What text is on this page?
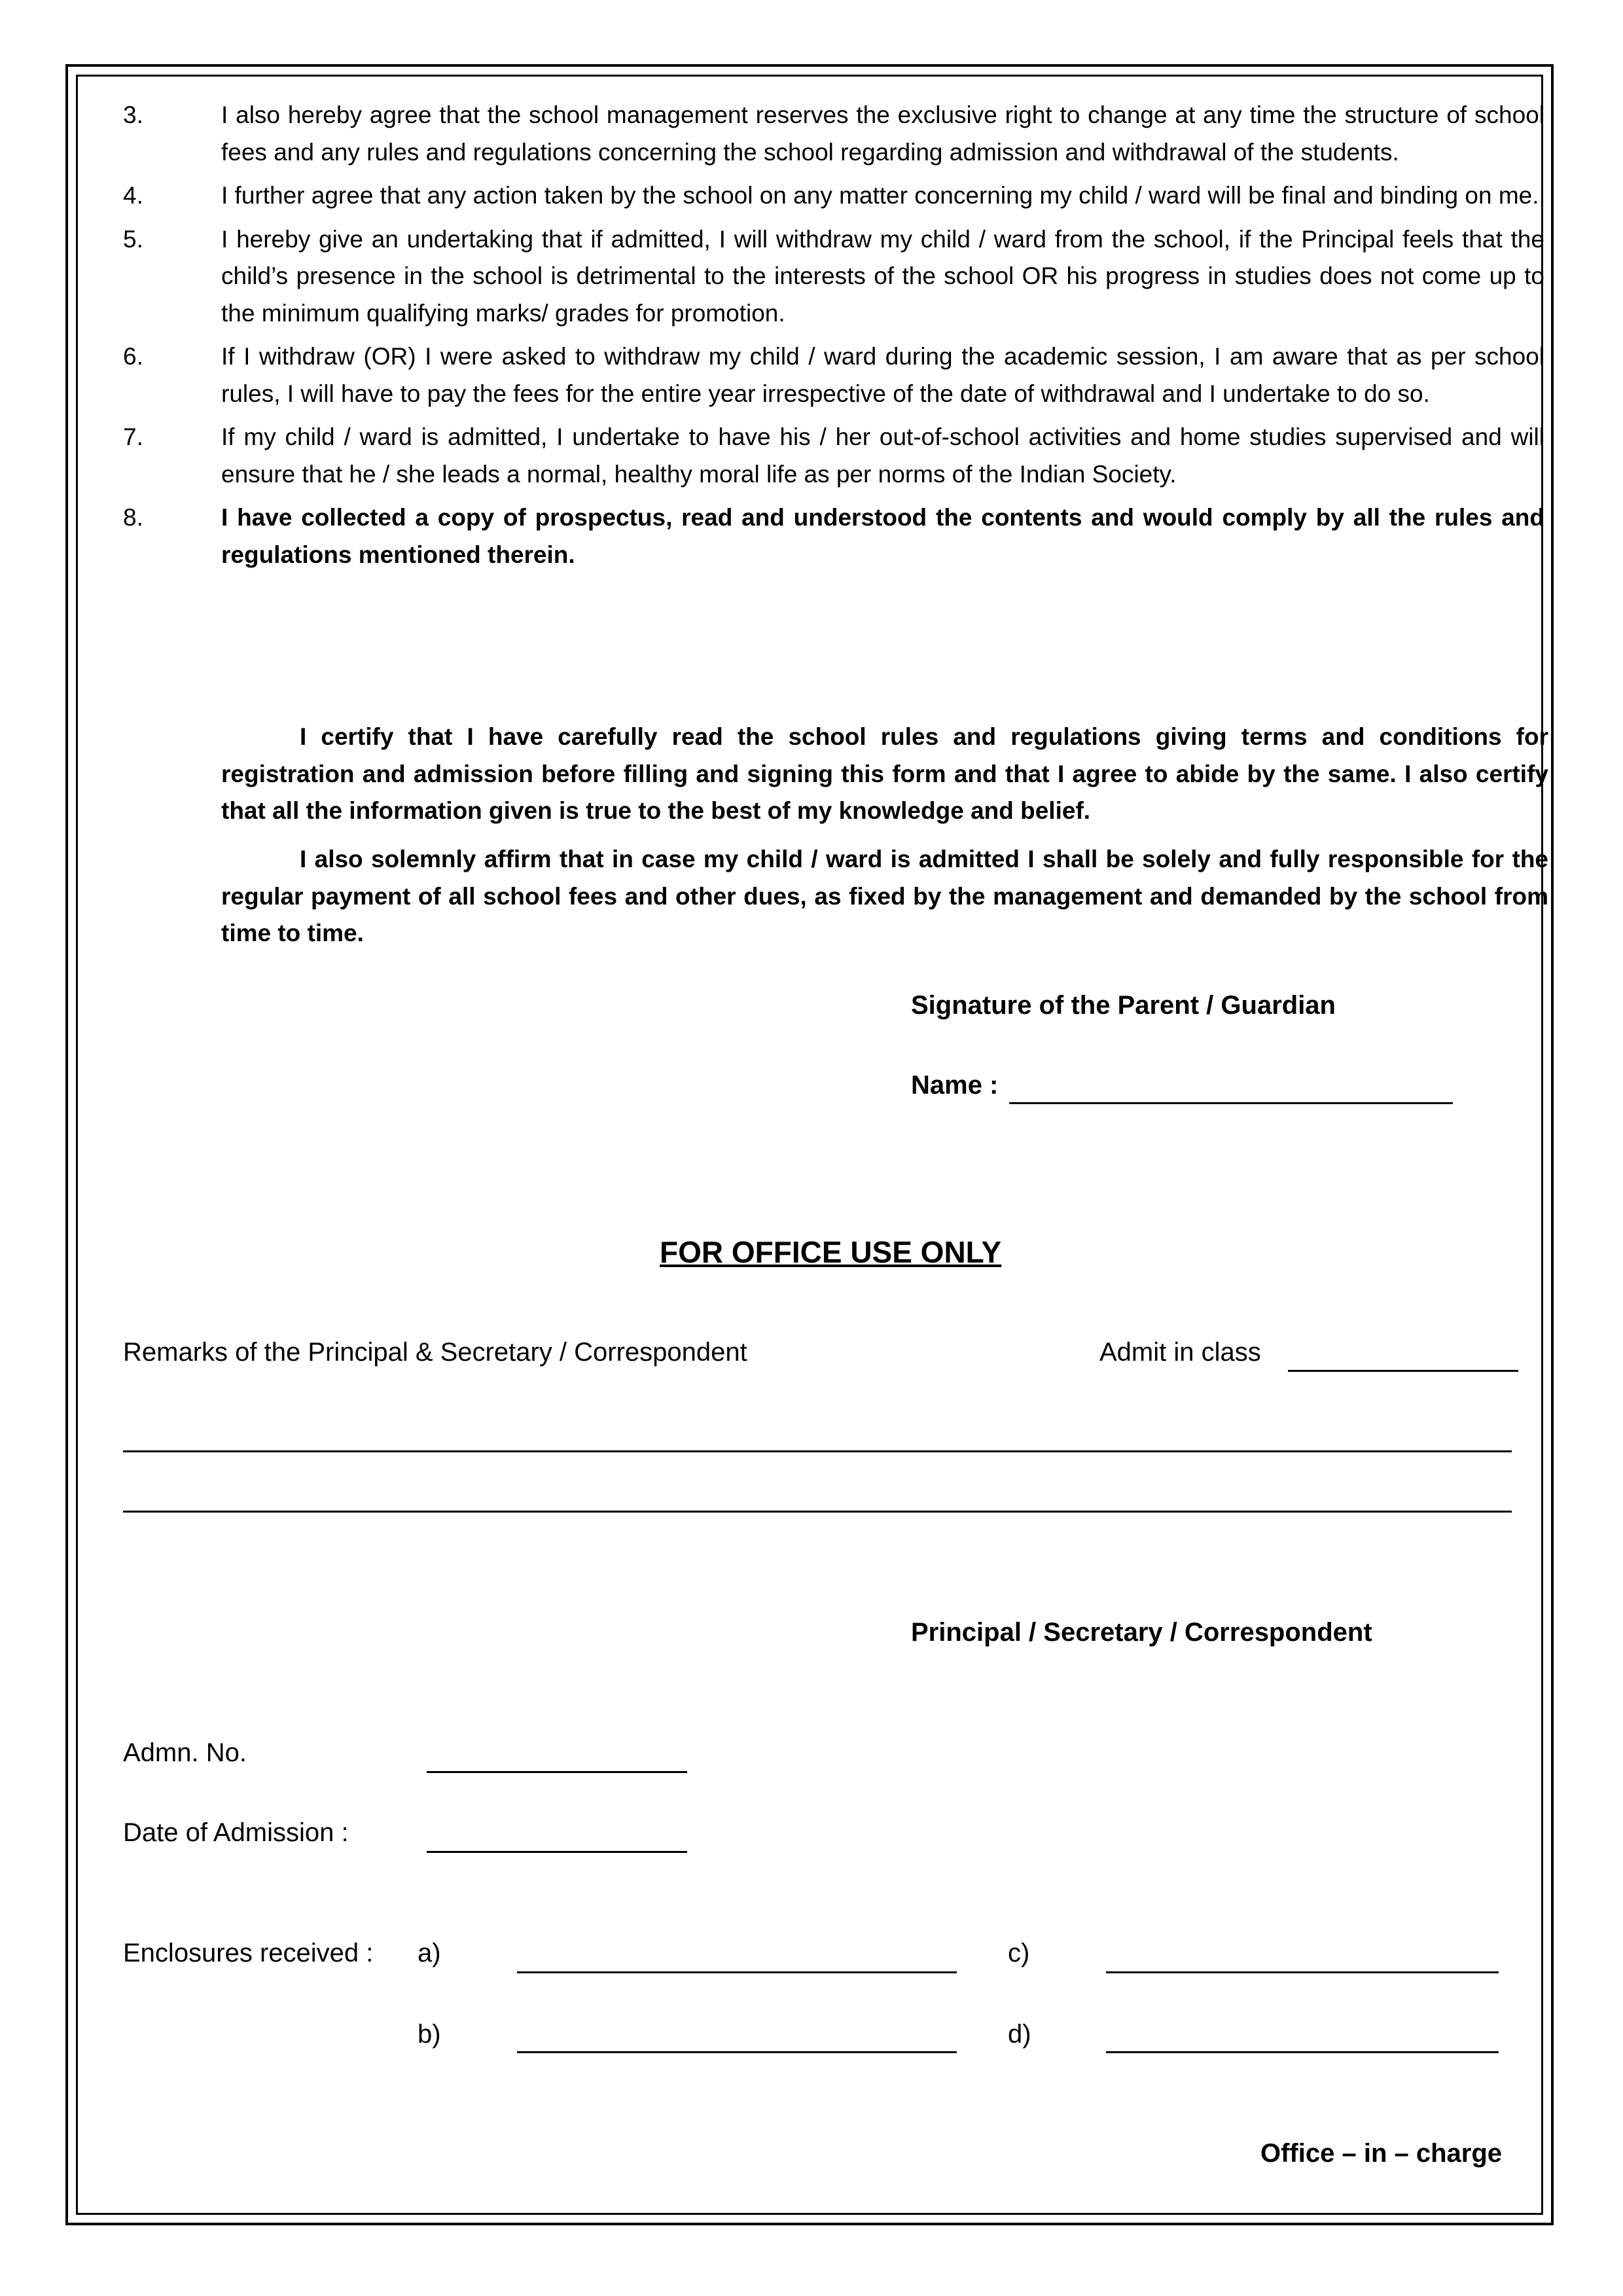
3.	I also hereby agree that the school management reserves the exclusive right to change at any time the structure of school fees and any rules and regulations concerning the school regarding admission and withdrawal of the students.
4.	I further agree that any action taken by the school on any matter concerning my child / ward will be final and binding on me.
5.	I hereby give an undertaking that if admitted, I will withdraw my child / ward from the school, if the Principal feels that the child’s presence in the school is detrimental to the interests of the school OR his progress in studies does not come up to the minimum qualifying marks/ grades for promotion.
6.	If I withdraw (OR) I were asked to withdraw my child / ward during the academic session, I am aware that as per school rules, I will have to pay the fees for the entire year irrespective of the date of withdrawal and I undertake to do so.
7.	If my child / ward is admitted, I undertake to have his / her out-of-school activities and home studies supervised and will ensure that he / she leads a normal, healthy moral life as per norms of the Indian Society.
8.	I have collected a copy of prospectus, read and understood the contents and would comply by all the rules and regulations mentioned therein.
I certify that I have carefully read the school rules and regulations giving terms and conditions for registration and admission before filling and signing this form and that I agree to abide by the same. I also certify that all the information given is true to the best of my knowledge and belief.
I also solemnly affirm that in case my child / ward is admitted I shall be solely and fully responsible for the regular payment of all school fees and other dues, as fixed by the management and demanded by the school from time to time.
Signature of the Parent / Guardian
Name :
FOR OFFICE USE ONLY
Remarks of the Principal & Secretary / Correspondent	Admit in class
Principal / Secretary / Correspondent
Admn. No.
Date of Admission :
Enclosures received : a)	c)
b)	d)
Office – in – charge
